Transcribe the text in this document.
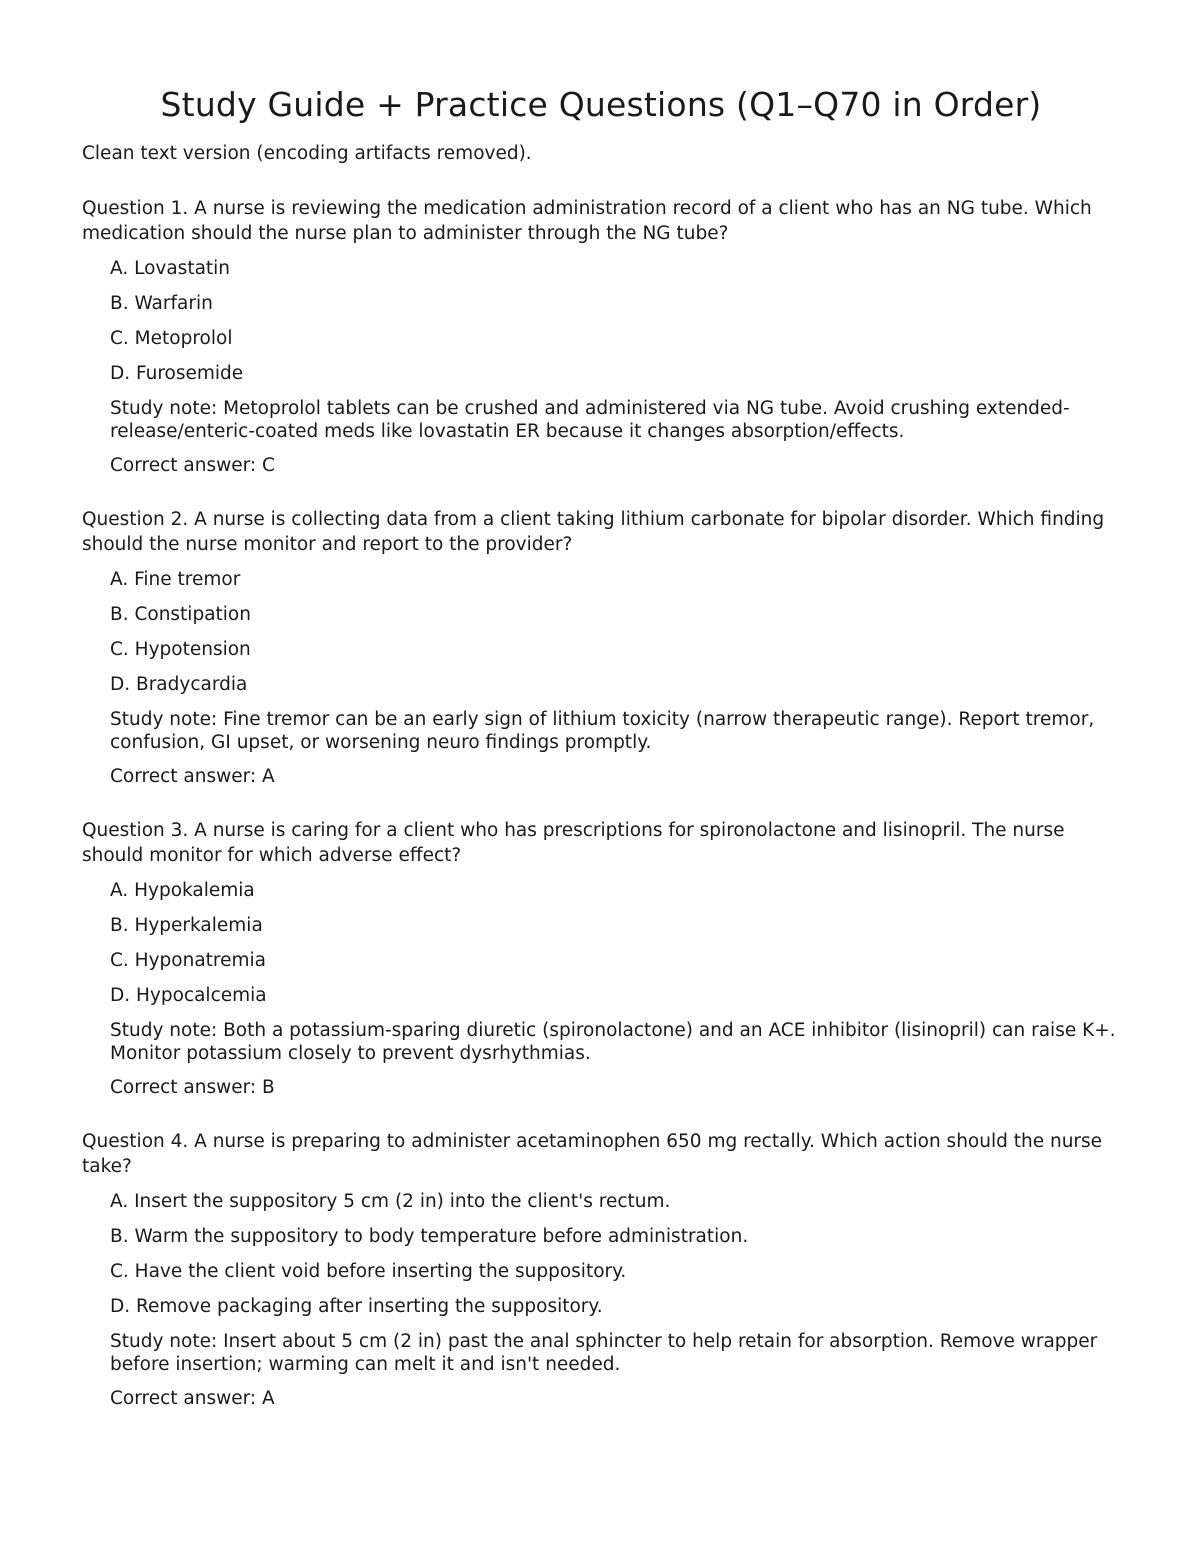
Study Guide + Practice Questions (Q1–Q70 in Order)

Clean text version (encoding artifacts removed).

Question 1. A nurse is reviewing the medication administration record of a client who has an NG tube. Which medication should the nurse plan to administer through the NG tube?

A. Lovastatin
B. Warfarin
C. Metoprolol
D. Furosemide

Study note: Metoprolol tablets can be crushed and administered via NG tube. Avoid crushing extended-release/enteric-coated meds like lovastatin ER because it changes absorption/effects.

Correct answer: C

Question 2. A nurse is collecting data from a client taking lithium carbonate for bipolar disorder. Which finding should the nurse monitor and report to the provider?

A. Fine tremor
B. Constipation
C. Hypotension
D. Bradycardia

Study note: Fine tremor can be an early sign of lithium toxicity (narrow therapeutic range). Report tremor, confusion, GI upset, or worsening neuro findings promptly.

Correct answer: A

Question 3. A nurse is caring for a client who has prescriptions for spironolactone and lisinopril. The nurse should monitor for which adverse effect?

A. Hypokalemia
B. Hyperkalemia
C. Hyponatremia
D. Hypocalcemia

Study note: Both a potassium-sparing diuretic (spironolactone) and an ACE inhibitor (lisinopril) can raise K+. Monitor potassium closely to prevent dysrhythmias.

Correct answer: B

Question 4. A nurse is preparing to administer acetaminophen 650 mg rectally. Which action should the nurse take?

A. Insert the suppository 5 cm (2 in) into the client's rectum.
B. Warm the suppository to body temperature before administration.
C. Have the client void before inserting the suppository.
D. Remove packaging after inserting the suppository.

Study note: Insert about 5 cm (2 in) past the anal sphincter to help retain for absorption. Remove wrapper before insertion; warming can melt it and isn't needed.

Correct answer: A
